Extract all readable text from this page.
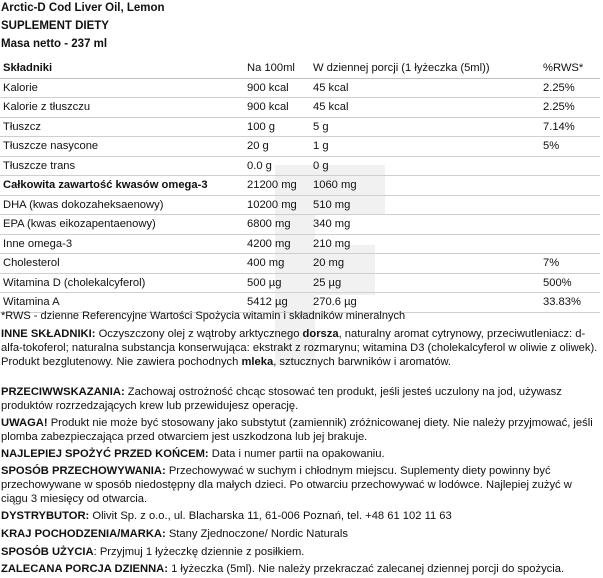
Arctic-D Cod Liver Oil, Lemon

SUPLEMENT DIETY

Masa netto - 237 ml

Składniki	Na 100ml	W dziennej porcji (1 łyżeczka (5ml))	%RWS*
Kalorie	900 kcal	45 kcal	2.25%
Kalorie z tłuszczu	900 kcal	45 kcal	2.25%
Tłuszcz	100 g	5 g	7.14%
Tłuszcze nasycone	20 g	1 g	5%
Tłuszcze trans	0.0 g	0 g	
Całkowita zawartość kwasów omega-3	21200 mg	1060 mg	
DHA (kwas dokozaheksaenowy)	10200 mg	510 mg	
EPA (kwas eikozapentaenowy)	6800 mg	340 mg	
Inne omega-3	4200 mg	210 mg	
Cholesterol	400 mg	20 mg	7%
Witamina D (cholekalcyferol)	500 µg	25 µg	500%
Witamina A	5412 µg	270.6 µg	33.83%

*RWS - dzienne Referencyjne Wartości Spożycia witamin i składników mineralnych

INNE SKŁADNIKI: Oczyszczony olej z wątroby arktycznego dorsza, naturalny aromat cytrynowy, przeciwutleniacz: d-alfa-tokoferol; naturalna substancja konserwująca: ekstrakt z rozmarynu; witamina D3 (cholekalcyferol w oliwie z oliwek). Produkt bezglutenowy. Nie zawiera pochodnych mleka, sztucznych barwników i aromatów.

PRZECIWWSKAZANIA: Zachowaj ostrożność chcąc stosować ten produkt, jeśli jesteś uczulony na jod, używasz produktów rozrzedzających krew lub przewidujesz operację.

UWAGA! Produkt nie może być stosowany jako substytut (zamiennik) zróżnicowanej diety. Nie należy przyjmować, jeśli plomba zabezpieczająca przed otwarciem jest uszkodzona lub jej brakuje.

NAJLEPIEJ SPOŻYĆ PRZED KOŃCEM: Data i numer partii na opakowaniu.

SPOSÓB PRZECHOWYWANIA: Przechowywać w suchym i chłodnym miejscu. Suplementy diety powinny być przechowywane w sposób niedostępny dla małych dzieci. Po otwarciu przechowywać w lodówce. Najlepiej zużyć w ciągu 3 miesięcy od otwarcia.

DYSTRYBUTOR: Olivit Sp. z o.o., ul. Blacharska 11, 61-006 Poznań, tel. +48 61 102 11 63

KRAJ POCHODZENIA/MARKA: Stany Zjednoczone/ Nordic Naturals

SPOSÓB UŻYCIA: Przyjmuj 1 łyżeczkę dziennie z posiłkiem.

ZALECANA PORCJA DZIENNA: 1 łyżeczka (5ml). Nie należy przekraczać zalecanej dziennej porcji do spożycia.
